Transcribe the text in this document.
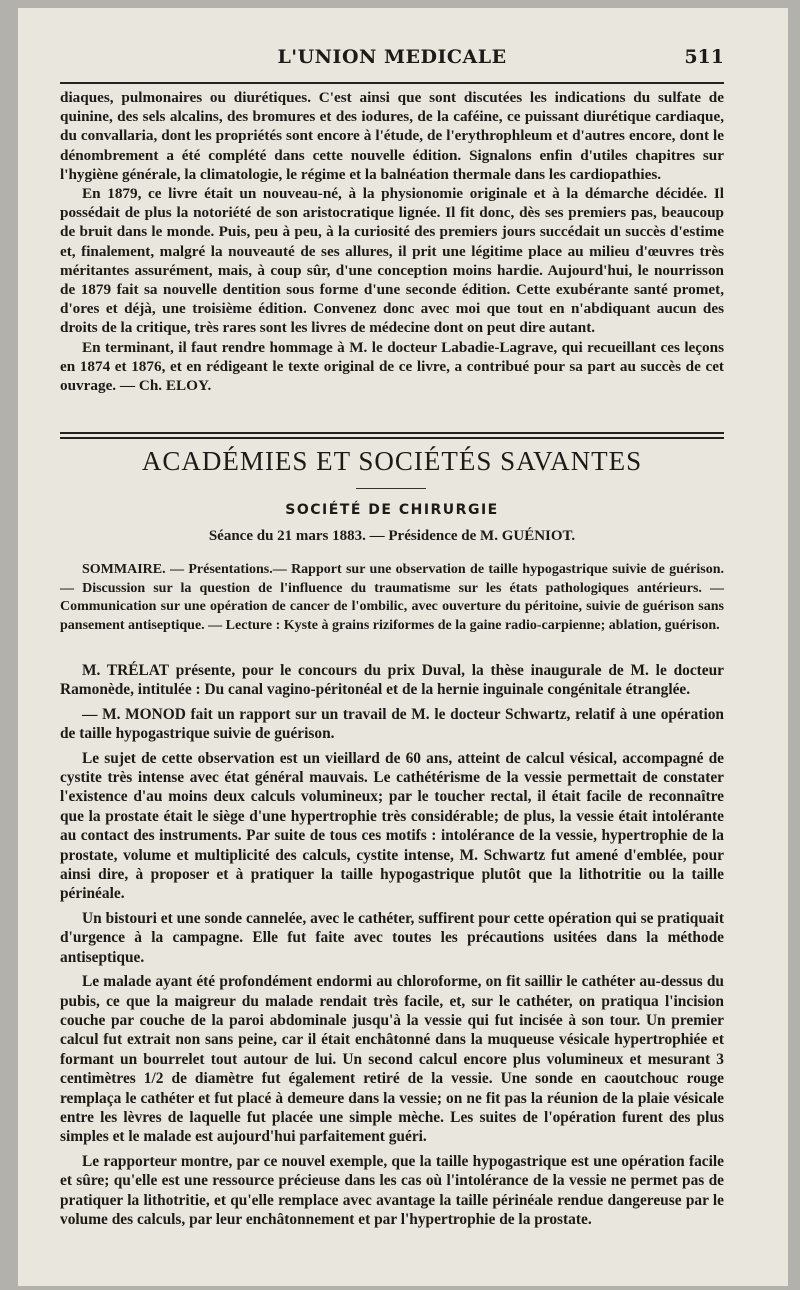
L'UNION MEDICALE	511

diaques, pulmonaires ou diurétiques. C'est ainsi que sont discutées les indications du sulfate de quinine, des sels alcalins, des bromures et des iodures, de la caféine, ce puissant diurétique cardiaque, du convallaria, dont les propriétés sont encore à l'étude, de l'erythrophleum et d'autres encore, dont le dénombrement a été complété dans cette nouvelle édition. Signalons enfin d'utiles chapitres sur l'hygiène générale, la climatologie, le régime et la balnéation thermale dans les cardiopathies.

En 1879, ce livre était un nouveau-né, à la physionomie originale et à la démarche décidée. Il possédait de plus la notoriété de son aristocratique lignée. Il fit donc, dès ses premiers pas, beaucoup de bruit dans le monde. Puis, peu à peu, à la curiosité des premiers jours succédait un succès d'estime et, finalement, malgré la nouveauté de ses allures, il prit une légitime place au milieu d'œuvres très méritantes assurément, mais, à coup sûr, d'une conception moins hardie. Aujourd'hui, le nourrisson de 1879 fait sa nouvelle dentition sous forme d'une seconde édition. Cette exubérante santé promet, d'ores et déjà, une troisième édition. Convenez donc avec moi que tout en n'abdiquant aucun des droits de la critique, très rares sont les livres de médecine dont on peut dire autant.

En terminant, il faut rendre hommage à M. le docteur Labadie-Lagrave, qui recueillant ces leçons en 1874 et 1876, et en rédigeant le texte original de ce livre, a contribué pour sa part au succès de cet ouvrage. — Ch. ELOY.

ACADÉMIES ET SOCIÉTÉS SAVANTES
SOCIÉTÉ DE CHIRURGIE
Séance du 21 mars 1883. — Présidence de M. GUÉNIOT.

SOMMAIRE. — Présentations.— Rapport sur une observation de taille hypogastrique suivie de guérison. — Discussion sur la question de l'influence du traumatisme sur les états pathologiques antérieurs. — Communication sur une opération de cancer de l'ombilic, avec ouverture du péritoine, suivie de guérison sans pansement antiseptique. — Lecture : Kyste à grains riziformes de la gaine radio-carpienne; ablation, guérison.

M. TRÉLAT présente, pour le concours du prix Duval, la thèse inaugurale de M. le docteur Ramonède, intitulée : Du canal vagino-péritonéal et de la hernie inguinale congénitale étranglée.

— M. MONOD fait un rapport sur un travail de M. le docteur Schwartz, relatif à une opération de taille hypogastrique suivie de guérison.

Le sujet de cette observation est un vieillard de 60 ans, atteint de calcul vésical, accompagné de cystite très intense avec état général mauvais. Le cathétérisme de la vessie permettait de constater l'existence d'au moins deux calculs volumineux; par le toucher rectal, il était facile de reconnaître que la prostate était le siège d'une hypertrophie très considérable; de plus, la vessie était intolérante au contact des instruments. Par suite de tous ces motifs : intolérance de la vessie, hypertrophie de la prostate, volume et multiplicité des calculs, cystite intense, M. Schwartz fut amené d'emblée, pour ainsi dire, à proposer et à pratiquer la taille hypogastrique plutôt que la lithotritie ou la taille périnéale.

Un bistouri et une sonde cannelée, avec le cathéter, suffirent pour cette opération qui se pratiquait d'urgence à la campagne. Elle fut faite avec toutes les précautions usitées dans la méthode antiseptique.

Le malade ayant été profondément endormi au chloroforme, on fit saillir le cathéter au-dessus du pubis, ce que la maigreur du malade rendait très facile, et, sur le cathéter, on pratiqua l'incision couche par couche de la paroi abdominale jusqu'à la vessie qui fut incisée à son tour. Un premier calcul fut extrait non sans peine, car il était enchâtonné dans la muqueuse vésicale hypertrophiée et formant un bourrelet tout autour de lui. Un second calcul encore plus volumineux et mesurant 3 centimètres 1/2 de diamètre fut également retiré de la vessie. Une sonde en caoutchouc rouge remplaça le cathéter et fut placé à demeure dans la vessie; on ne fit pas la réunion de la plaie vésicale entre les lèvres de laquelle fut placée une simple mèche. Les suites de l'opération furent des plus simples et le malade est aujourd'hui parfaitement guéri.

Le rapporteur montre, par ce nouvel exemple, que la taille hypogastrique est une opération facile et sûre; qu'elle est une ressource précieuse dans les cas où l'intolérance de la vessie ne permet pas de pratiquer la lithotritie, et qu'elle remplace avec avantage la taille périnéale rendue dangereuse par le volume des calculs, par leur enchâtonnement et par l'hypertrophie de la prostate.
